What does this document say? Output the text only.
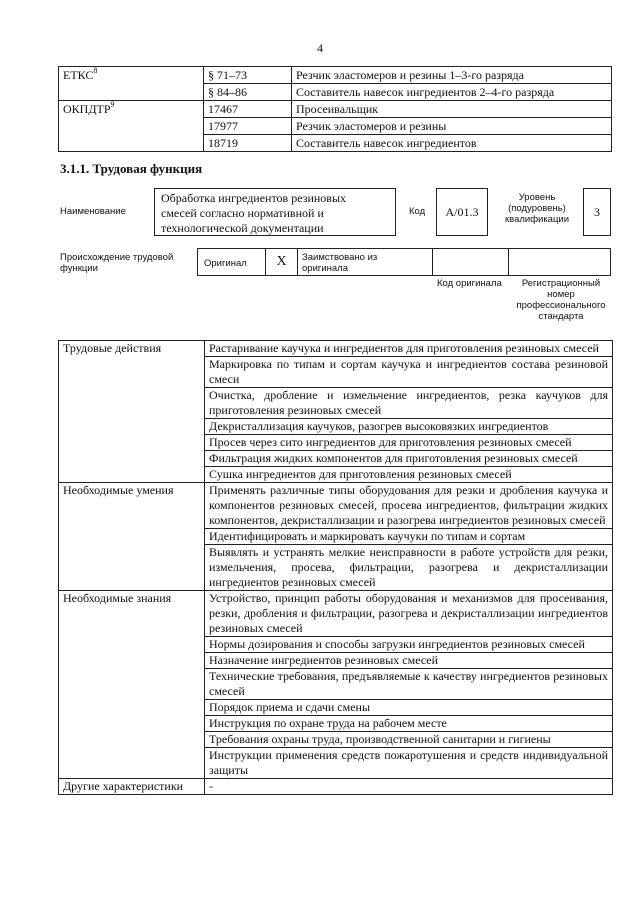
4
ЕТКС$^8$	§ 71–73	Резчик эластомеров и резины 1–3-го разряда
	§ 84–86	Составитель навесок ингредиентов 2–4-го разряда
ОКПДТР$^9$	17467	Просеивальщик
	17977	Резчик эластомеров и резины
	18719	Составитель навесок ингредиентов
3.1.1. Трудовая функция
Наименование
Обработка ингредиентов резиновых
смесей согласно нормативной и
технологической документации
Код A/01.3
Уровень
(подуровень)
квалификации
3
Происхождение трудовой
функции	Оригинал X Заимствовано из
оригинала
Код оригинала	Регистрационный
номер
профессионального
стандарта
Трудовые действия	Растаривание каучука и ингредиентов для приготовления резиновых смесей
	Маркировка по типам и сортам каучука и ингредиентов состава резиновой смеси
	Очистка, дробление и измельчение ингредиентов, резка каучуков для приготовления резиновых смесей
	Декристаллизация каучуков, разогрев высоковязких ингредиентов
	Просев через сито ингредиентов для приготовления резиновых смесей
	Фильтрация жидких компонентов для приготовления резиновых смесей
	Сушка ингредиентов для приготовления резиновых смесей
Необходимые умения	Применять различные типы оборудования для резки и дробления каучука и компонентов резиновых смесей, просева ингредиентов, фильтрации жидких компонентов, декристаллизации и разогрева ингредиентов резиновых смесей
	Идентифицировать и маркировать каучуки по типам и сортам
	Выявлять и устранять мелкие неисправности в работе устройств для резки, измельчения, просева, фильтрации, разогрева и декристаллизации ингредиентов резиновых смесей
Необходимые знания	Устройство, принцип работы оборудования и механизмов для просеивания, резки, дробления и фильтрации, разогрева и декристаллизации ингредиентов резиновых смесей
	Нормы дозирования и способы загрузки ингредиентов резиновых смесей
	Назначение ингредиентов резиновых смесей
	Технические требования, предъявляемые к качеству ингредиентов резиновых смесей
	Порядок приема и сдачи смены
	Инструкция по охране труда на рабочем месте
	Требования охраны труда, производственной санитарии и гигиены
	Инструкции применения средств пожаротушения и средств индивидуальной защиты
Другие характеристики	-
